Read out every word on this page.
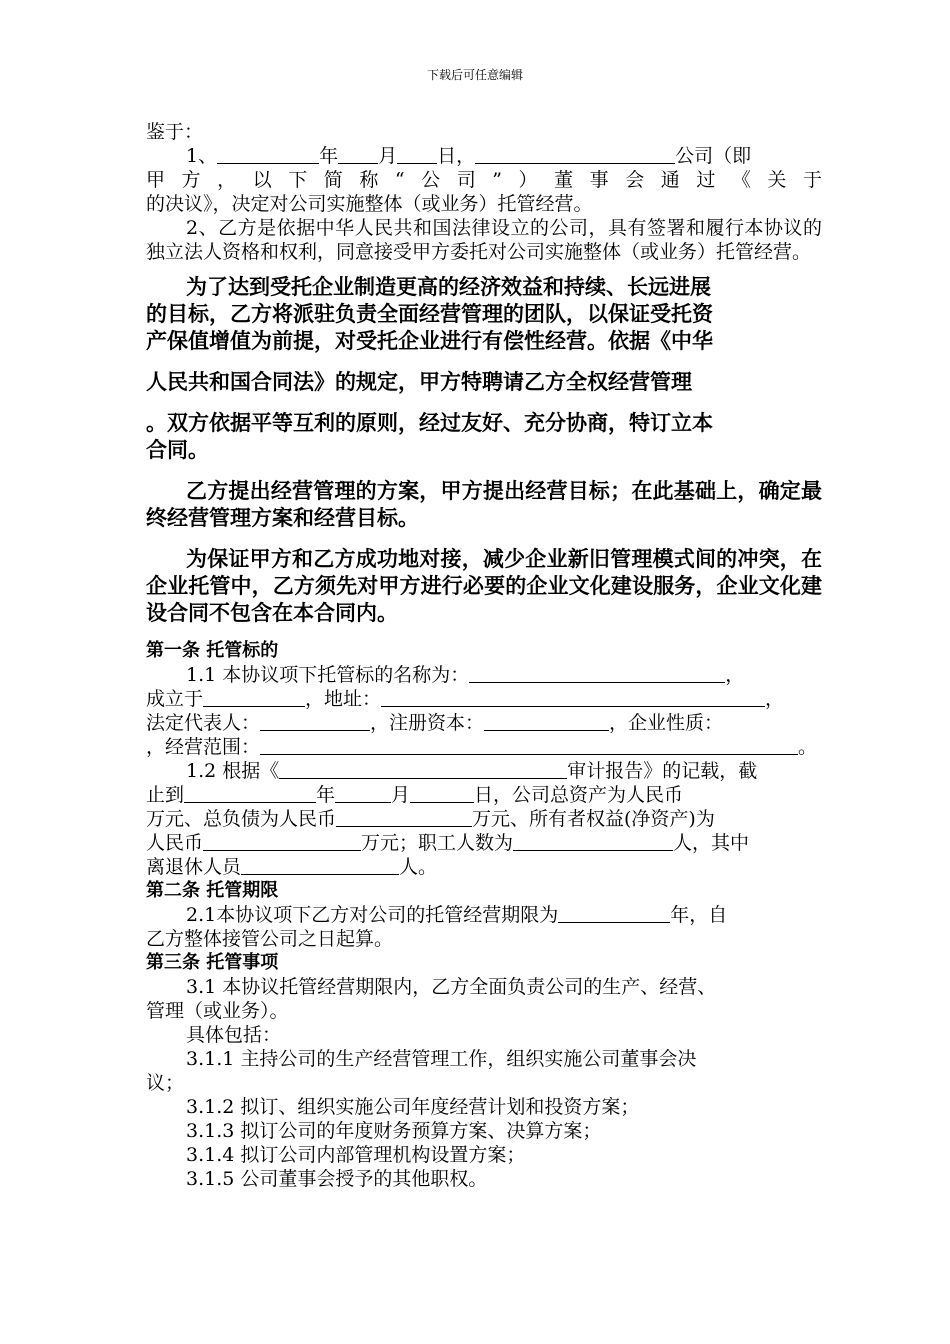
下载后可任意编辑

鉴于：

1、	年 月 日，	公司（即

甲方，以下简称“公司”）董事会通过《关于

的决议》，决定对公司实施整体（或业务）托管经营。

2、乙方是依据中华人民共和国法律设立的公司，具有签署和履行本协议的独立法人资格和权利，同意接受甲方委托对公司实施整体（或业务）托管经营。

为了达到受托企业制造更高的经济效益和持续、长远进展

的目标，乙方将派驻负责全面经营管理的团队，以保证受托资

产保值增值为前提，对受托企业进行有偿性经营。依据《中华

人民共和国合同法》的规定，甲方特聘请乙方全权经营管理

。双方依据平等互利的原则，经过友好、充分协商，特订立本

合同。

乙方提出经营管理的方案，甲方提出经营目标；在此基础上，确定最终经营管理方案和经营目标。

为保证甲方和乙方成功地对接，减少企业新旧管理模式间的冲突，在企业托管中，乙方须先对甲方进行必要的企业文化建设服务，企业文化建设合同不包含在本合同内。

第一条 托管标的

1.1 本协议项下托管标的名称为：	，

成立于	，地址：	，

法定代表人：	，注册资本：	，企业性质：

，经营范围：	。

1.2 根据《	审计报告》的记载，截

止到	年	月	日，公司总资产为人民币

万元、总负债为人民币	万元、所有者权益(净资产)为

人民币	万元；职工人数为	人，其中

离退休人员	人。

第二条 托管期限

2.1本协议项下乙方对公司的托管经营期限为	年，自

乙方整体接管公司之日起算。

第三条 托管事项

3.1 本协议托管经营期限内，乙方全面负责公司的生产、经营、

管理（或业务）。

具体包括：

3.1.1 主持公司的生产经营管理工作，组织实施公司董事会决

议；

3.1.2 拟订、组织实施公司年度经营计划和投资方案；

3.1.3 拟订公司的年度财务预算方案、决算方案；

3.1.4 拟订公司内部管理机构设置方案；

3.1.5 公司董事会授予的其他职权。
